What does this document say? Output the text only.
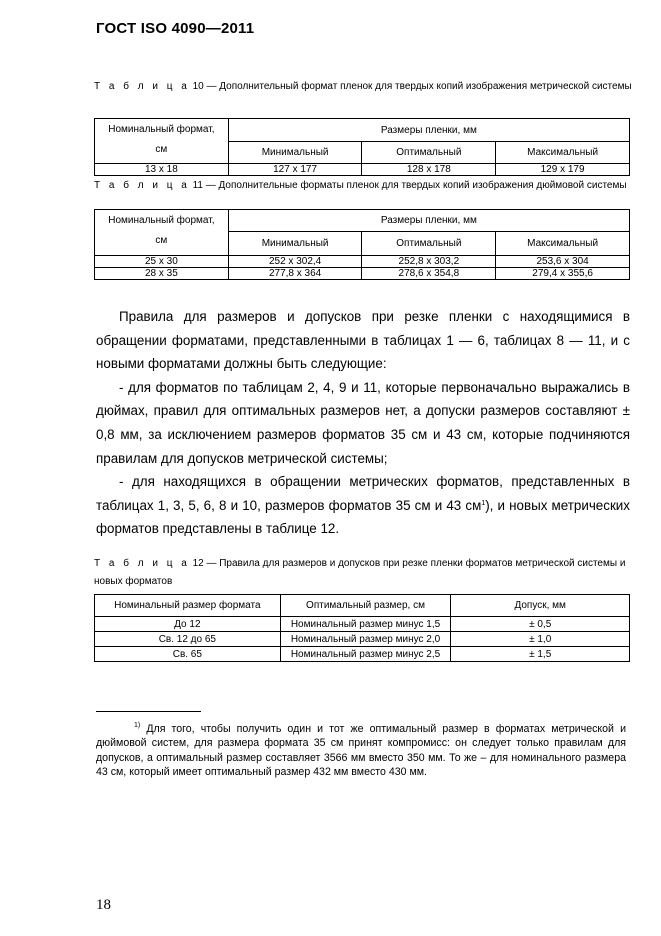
ГОСТ ISO 4090—2011
Т а б л и ц а 10 — Дополнительный формат пленок для твердых копий изображения метрической системы
Номинальный формат,
см	Размеры пленки, мм		
	Минимальный	Оптимальный	Максимальный
13 x 18	127 x 177	128 x 178	129 x 179
Т а б л и ц а 11 — Дополнительные форматы пленок для твердых копий изображения дюймовой системы
Номинальный формат,
см	Размеры пленки, мм		
	Минимальный	Оптимальный	Максимальный
25 x 30	252 x 302,4	252,8 x 303,2	253,6 x 304
28 x 35	277,8 x 364	278,6 x 354,8	279,4 x 355,6

Правила для размеров и допусков при резке пленки с находящимися в обращении форматами, представленными в таблицах 1 — 6, таблицах 8 — 11, и с новыми форматами должны быть следующие:

- для форматов по таблицам 2, 4, 9 и 11, которые первоначально выражались в дюймах, правил для оптимальных размеров нет, а допуски размеров составляют ± 0,8 мм, за исключением размеров форматов 35 см и 43 см, которые подчиняются правилам для допусков метрической системы;

- для находящихся в обращении метрических форматов, представленных в таблицах 1, 3, 5, 6, 8 и 10, размеров форматов 35 см и 43 $см^1$), и новых метрических форматов представлены в таблице 12.

Т а б л и ц а 12 — Правила для размеров и допусков при резке пленки форматов метрической системы и новых форматов
Номинальный размер формата	Оптимальный размер, см	Допуск, мм
До 12	Номинальный размер минус 1,5	± 0,5
Св. 12 до 65	Номинальный размер минус 2,0	± 1,0
Св. 65	Номинальный размер минус 2,5	± 1,5

$^{1)}$ Для того, чтобы получить один и тот же оптимальный размер в форматах метрической и дюймовой систем, для размера формата 35 см принят компромисс: он следует только правилам для допусков, а оптимальный размер составляет 3566 мм вместо 350 мм. То же – для номинального размера 43 см, который имеет оптимальный размер 432 мм вместо 430 мм.

18
